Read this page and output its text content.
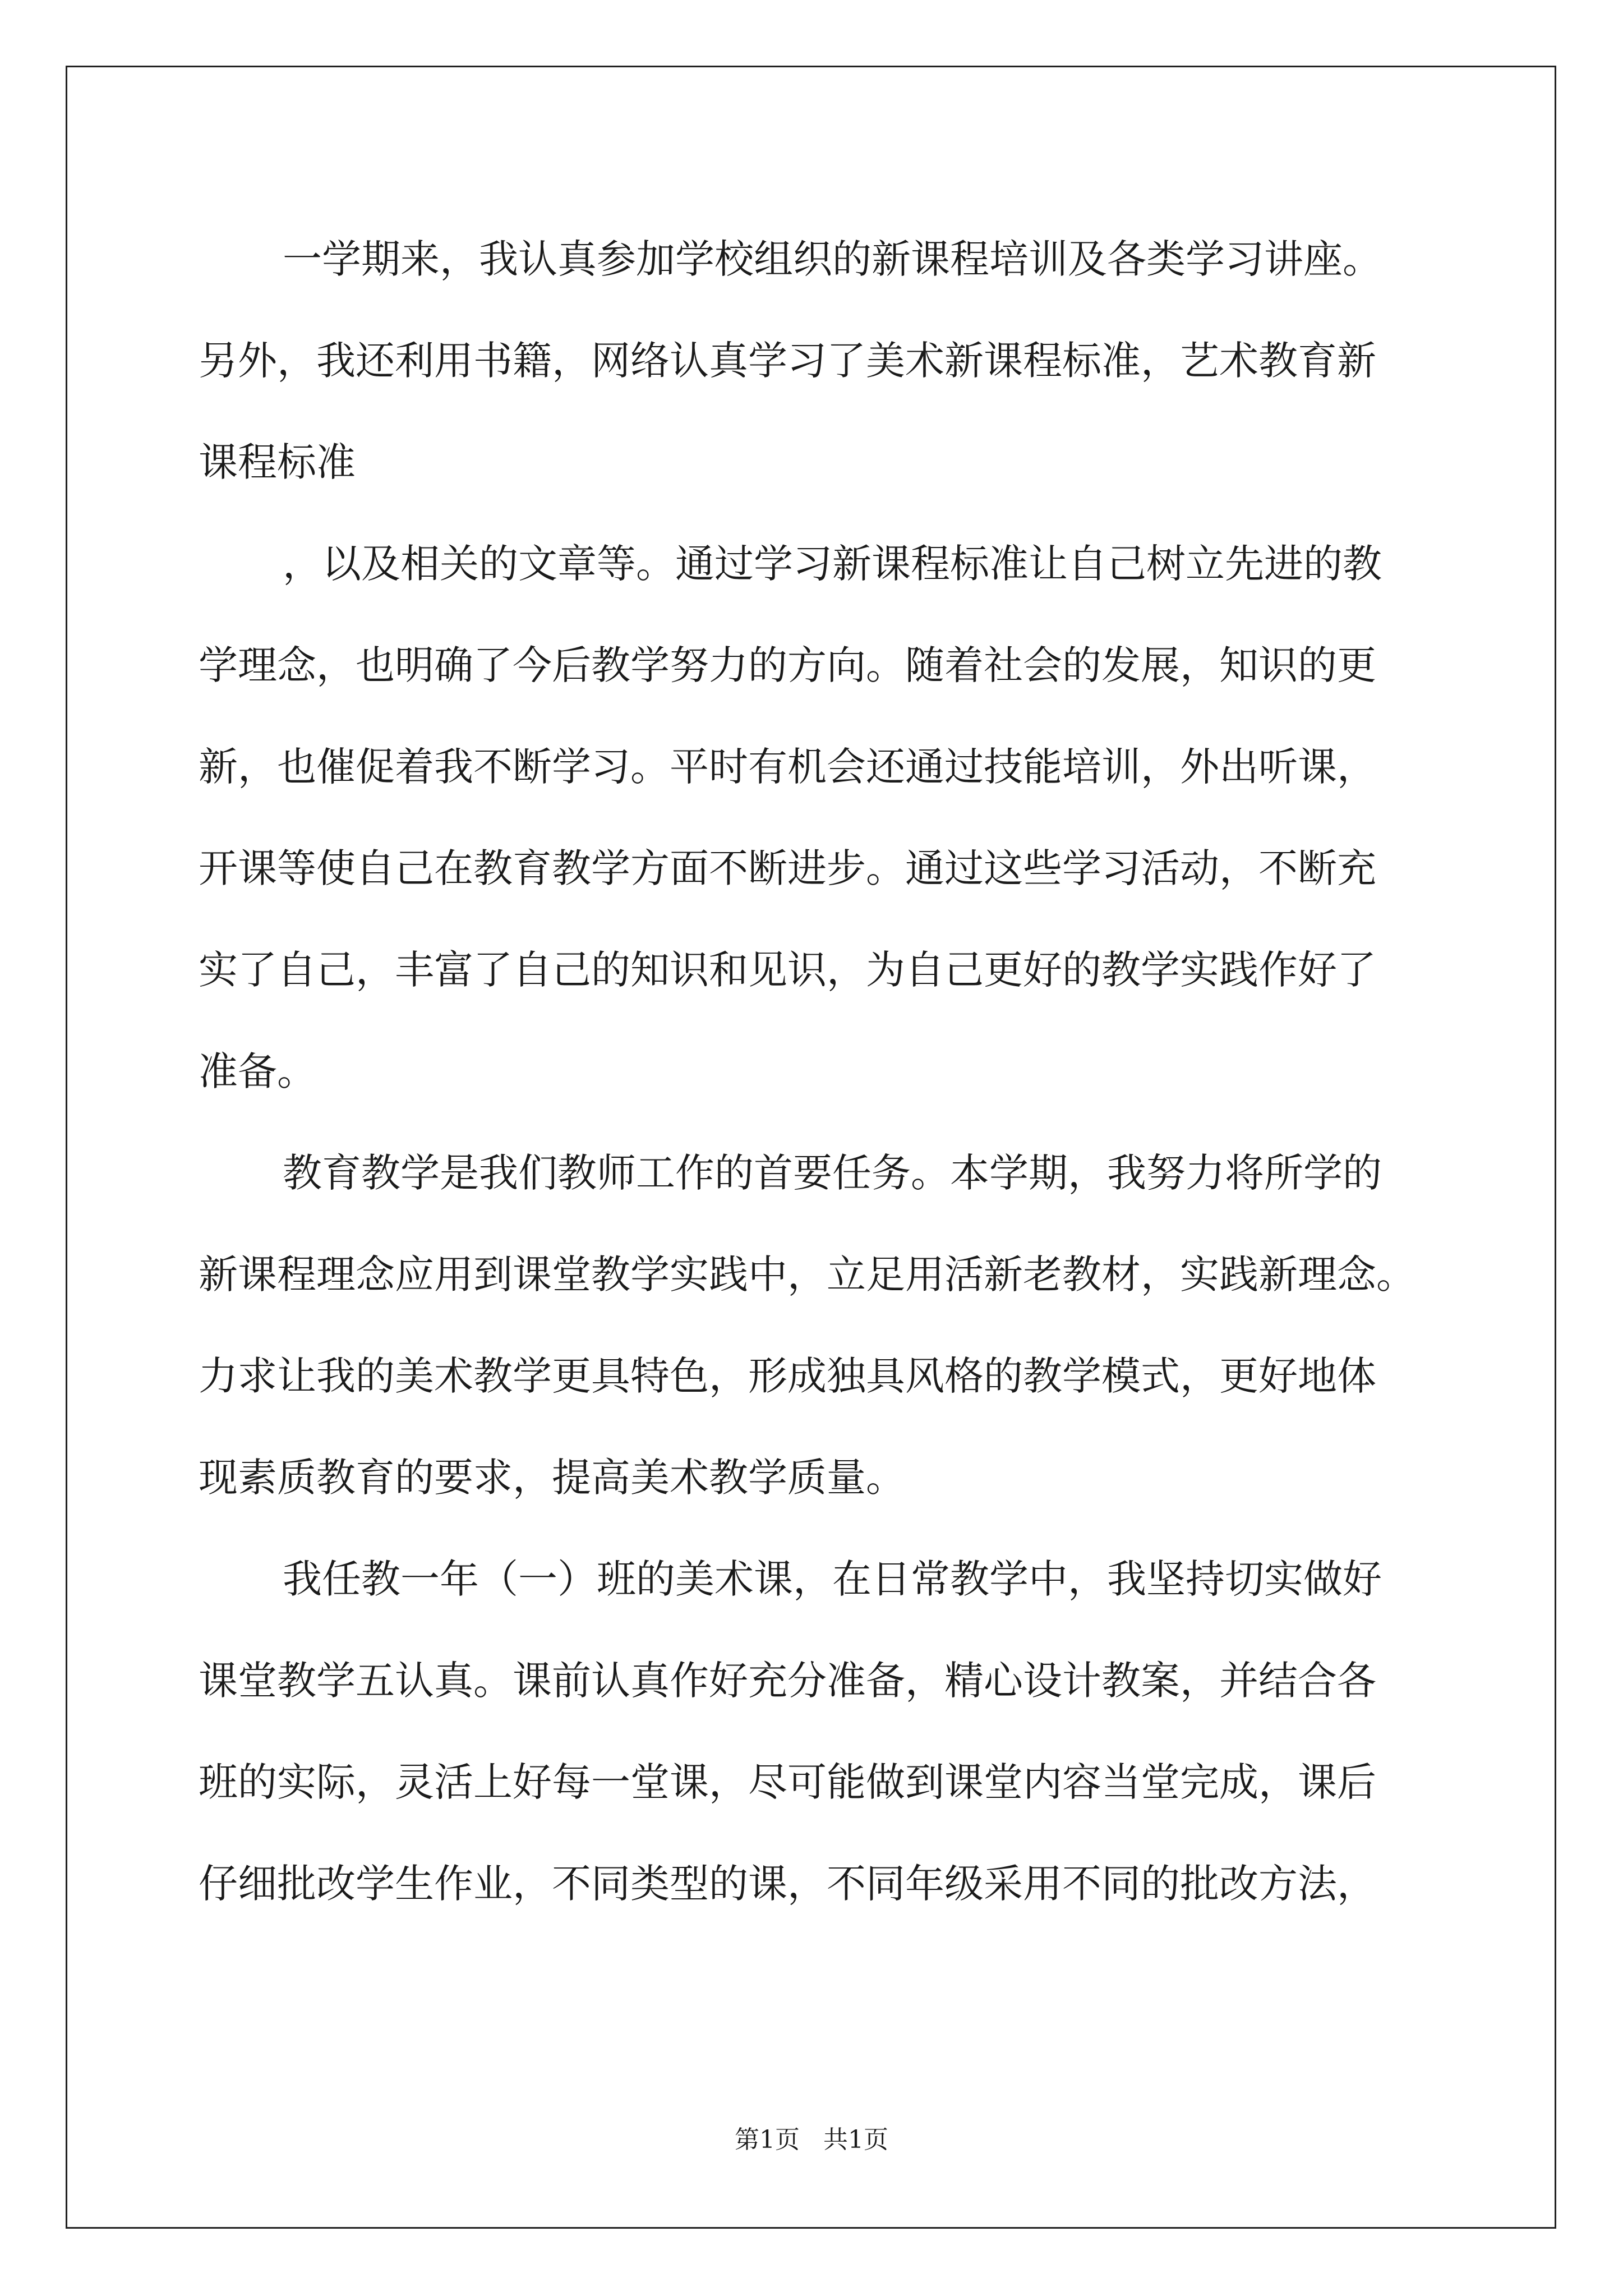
一学期来，我认真参加学校组织的新课程培训及各类学习讲座。
另外，我还利用书籍，网络认真学习了美术新课程标准，艺术教育新
课程标准
，以及相关的文章等。通过学习新课程标准让自己树立先进的教
学理念，也明确了今后教学努力的方向。随着社会的发展，知识的更
新，也催促着我不断学习。平时有机会还通过技能培训，外出听课，
开课等使自己在教育教学方面不断进步。通过这些学习活动，不断充
实了自己，丰富了自己的知识和见识，为自己更好的教学实践作好了
准备。
教育教学是我们教师工作的首要任务。本学期，我努力将所学的
新课程理念应用到课堂教学实践中，立足用活新老教材，实践新理念。
力求让我的美术教学更具特色，形成独具风格的教学模式，更好地体
现素质教育的要求，提高美术教学质量。
我任教一年（一）班的美术课，在日常教学中，我坚持切实做好
课堂教学五认真。课前认真作好充分准备，精心设计教案，并结合各
班的实际，灵活上好每一堂课，尽可能做到课堂内容当堂完成，课后
仔细批改学生作业，不同类型的课，不同年级采用不同的批改方法，
第1页   共1页
